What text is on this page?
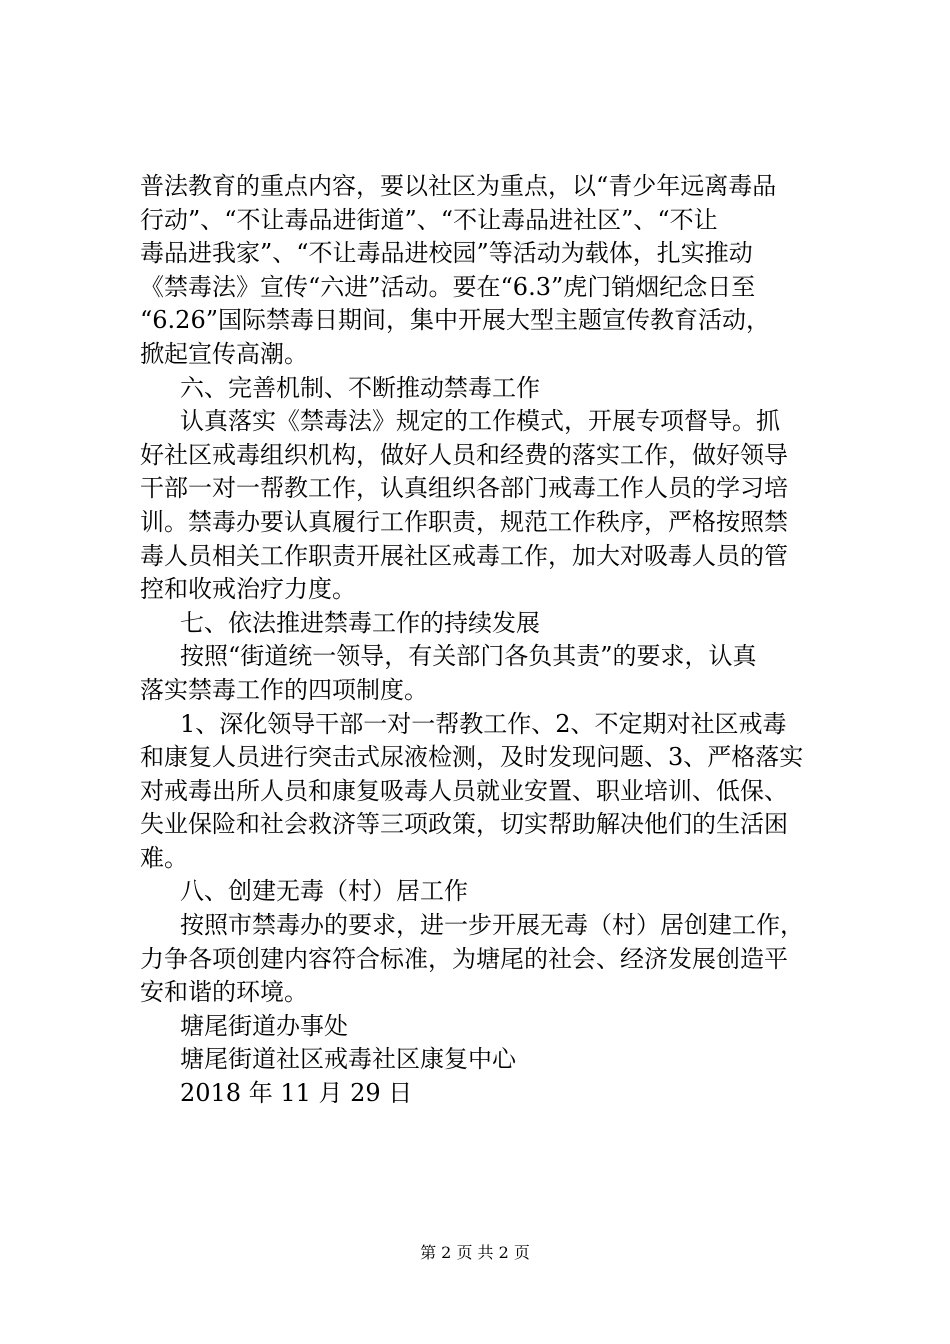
普法教育的重点内容，要以社区为重点，以“青少年远离毒品
行动”、“不让毒品进街道”、“不让毒品进社区”、“不让
毒品进我家”、“不让毒品进校园”等活动为载体，扎实推动
《禁毒法》宣传“六进”活动。要在“6.3”虎门销烟纪念日至
“6.26”国际禁毒日期间，集中开展大型主题宣传教育活动，
掀起宣传高潮。
六、完善机制、不断推动禁毒工作
认真落实《禁毒法》规定的工作模式，开展专项督导。抓
好社区戒毒组织机构，做好人员和经费的落实工作，做好领导
干部一对一帮教工作，认真组织各部门戒毒工作人员的学习培
训。禁毒办要认真履行工作职责，规范工作秩序，严格按照禁
毒人员相关工作职责开展社区戒毒工作，加大对吸毒人员的管
控和收戒治疗力度。
七、依法推进禁毒工作的持续发展
按照“街道统一领导，有关部门各负其责”的要求，认真
落实禁毒工作的四项制度。
1、深化领导干部一对一帮教工作、2、不定期对社区戒毒
和康复人员进行突击式尿液检测，及时发现问题、3、严格落实
对戒毒出所人员和康复吸毒人员就业安置、职业培训、低保、
失业保险和社会救济等三项政策，切实帮助解决他们的生活困
难。
八、创建无毒（村）居工作
按照市禁毒办的要求，进一步开展无毒（村）居创建工作，
力争各项创建内容符合标准，为塘尾的社会、经济发展创造平
安和谐的环境。
塘尾街道办事处
塘尾街道社区戒毒社区康复中心
2018 年 11 月 29 日
第 2 页 共 2 页
